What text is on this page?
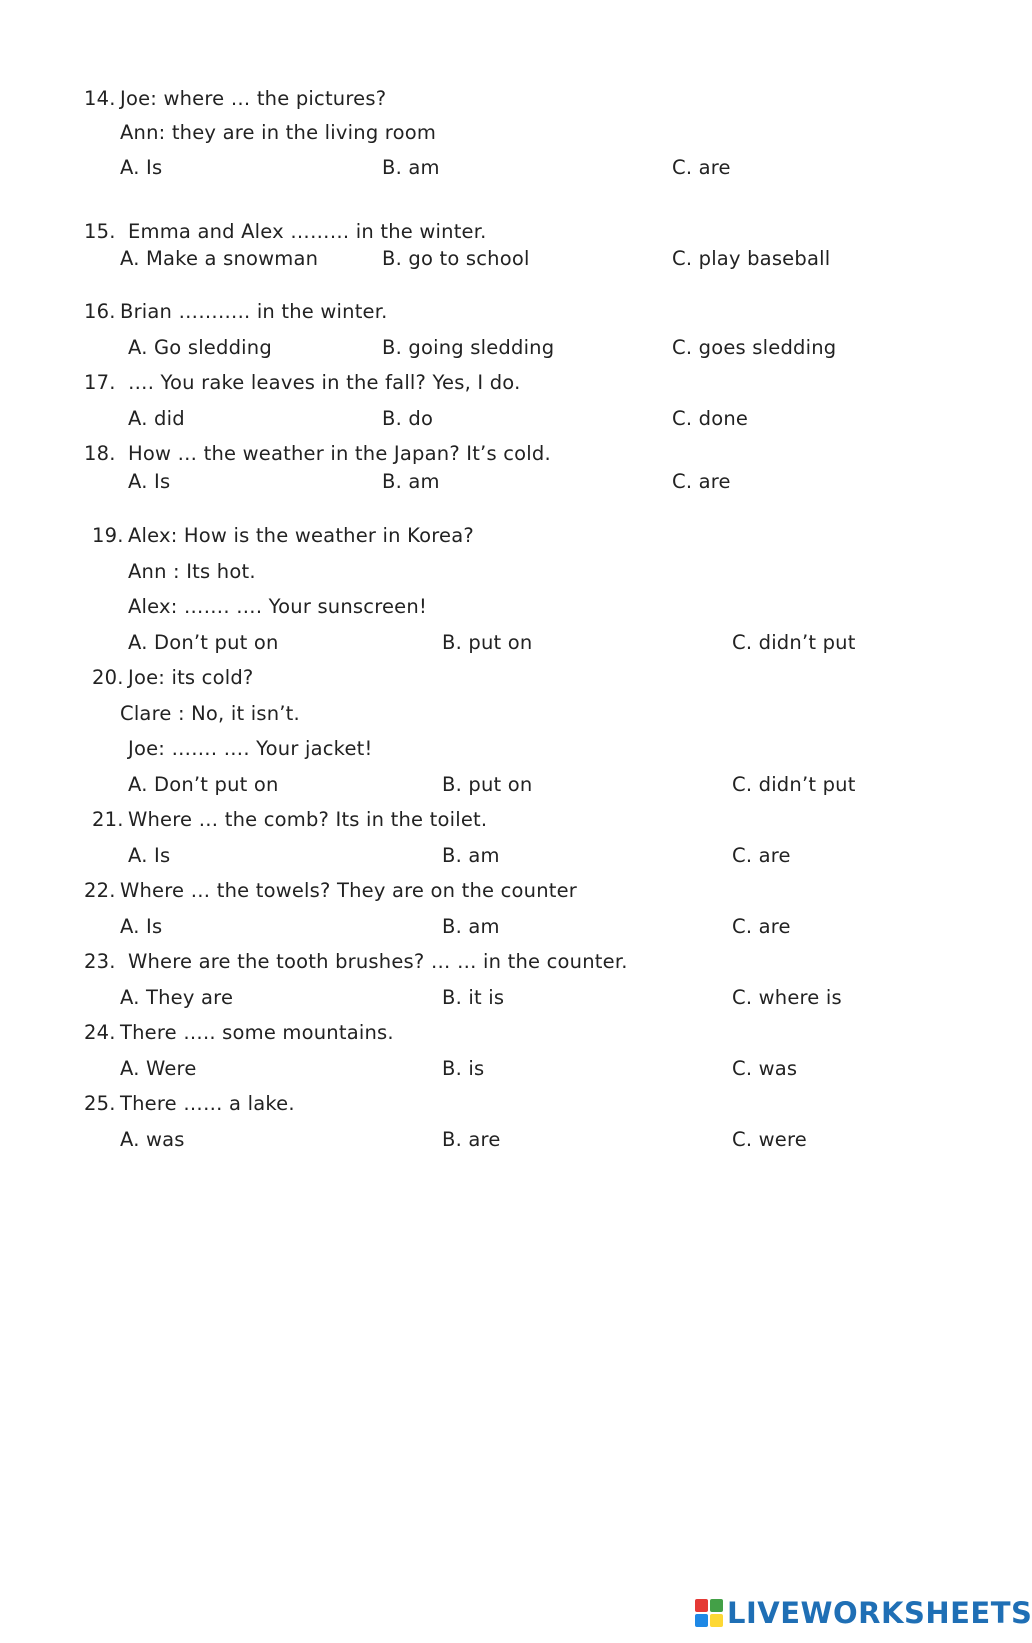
14. Joe: where … the pictures?
Ann: they are in the living room
A. Is	B. am	C. are
15. Emma and Alex ……… in the winter.
A. Make a snowman	B. go to school	C. play baseball
16. Brian ……….. in the winter.
A. Go sledding	B. going sledding	C. goes sledding
17. …. You rake leaves in the fall? Yes, I do.
A. did	B. do	C. done
18. How … the weather in the Japan? It’s cold.
A. Is	B. am	C. are
19. Alex: How is the weather in Korea?
Ann : Its hot.
Alex: ……. …. Your sunscreen!
A. Don’t put on	B. put on	C. didn’t put
20. Joe: its cold?
Clare : No, it isn’t.
Joe: ……. …. Your jacket!
A. Don’t put on	B. put on	C. didn’t put
21. Where … the comb? Its in the toilet.
A. Is	B. am	C. are
22. Where … the towels? They are on the counter
A. Is	B. am	C. are
23. Where are the tooth brushes? … … in the counter.
A. They are	B. it is	C. where is
24. There ….. some mountains.
A. Were	B. is	C. was
25. There …… a lake.
A. was	B. are	C. were
LIVEWORKSHEETS
